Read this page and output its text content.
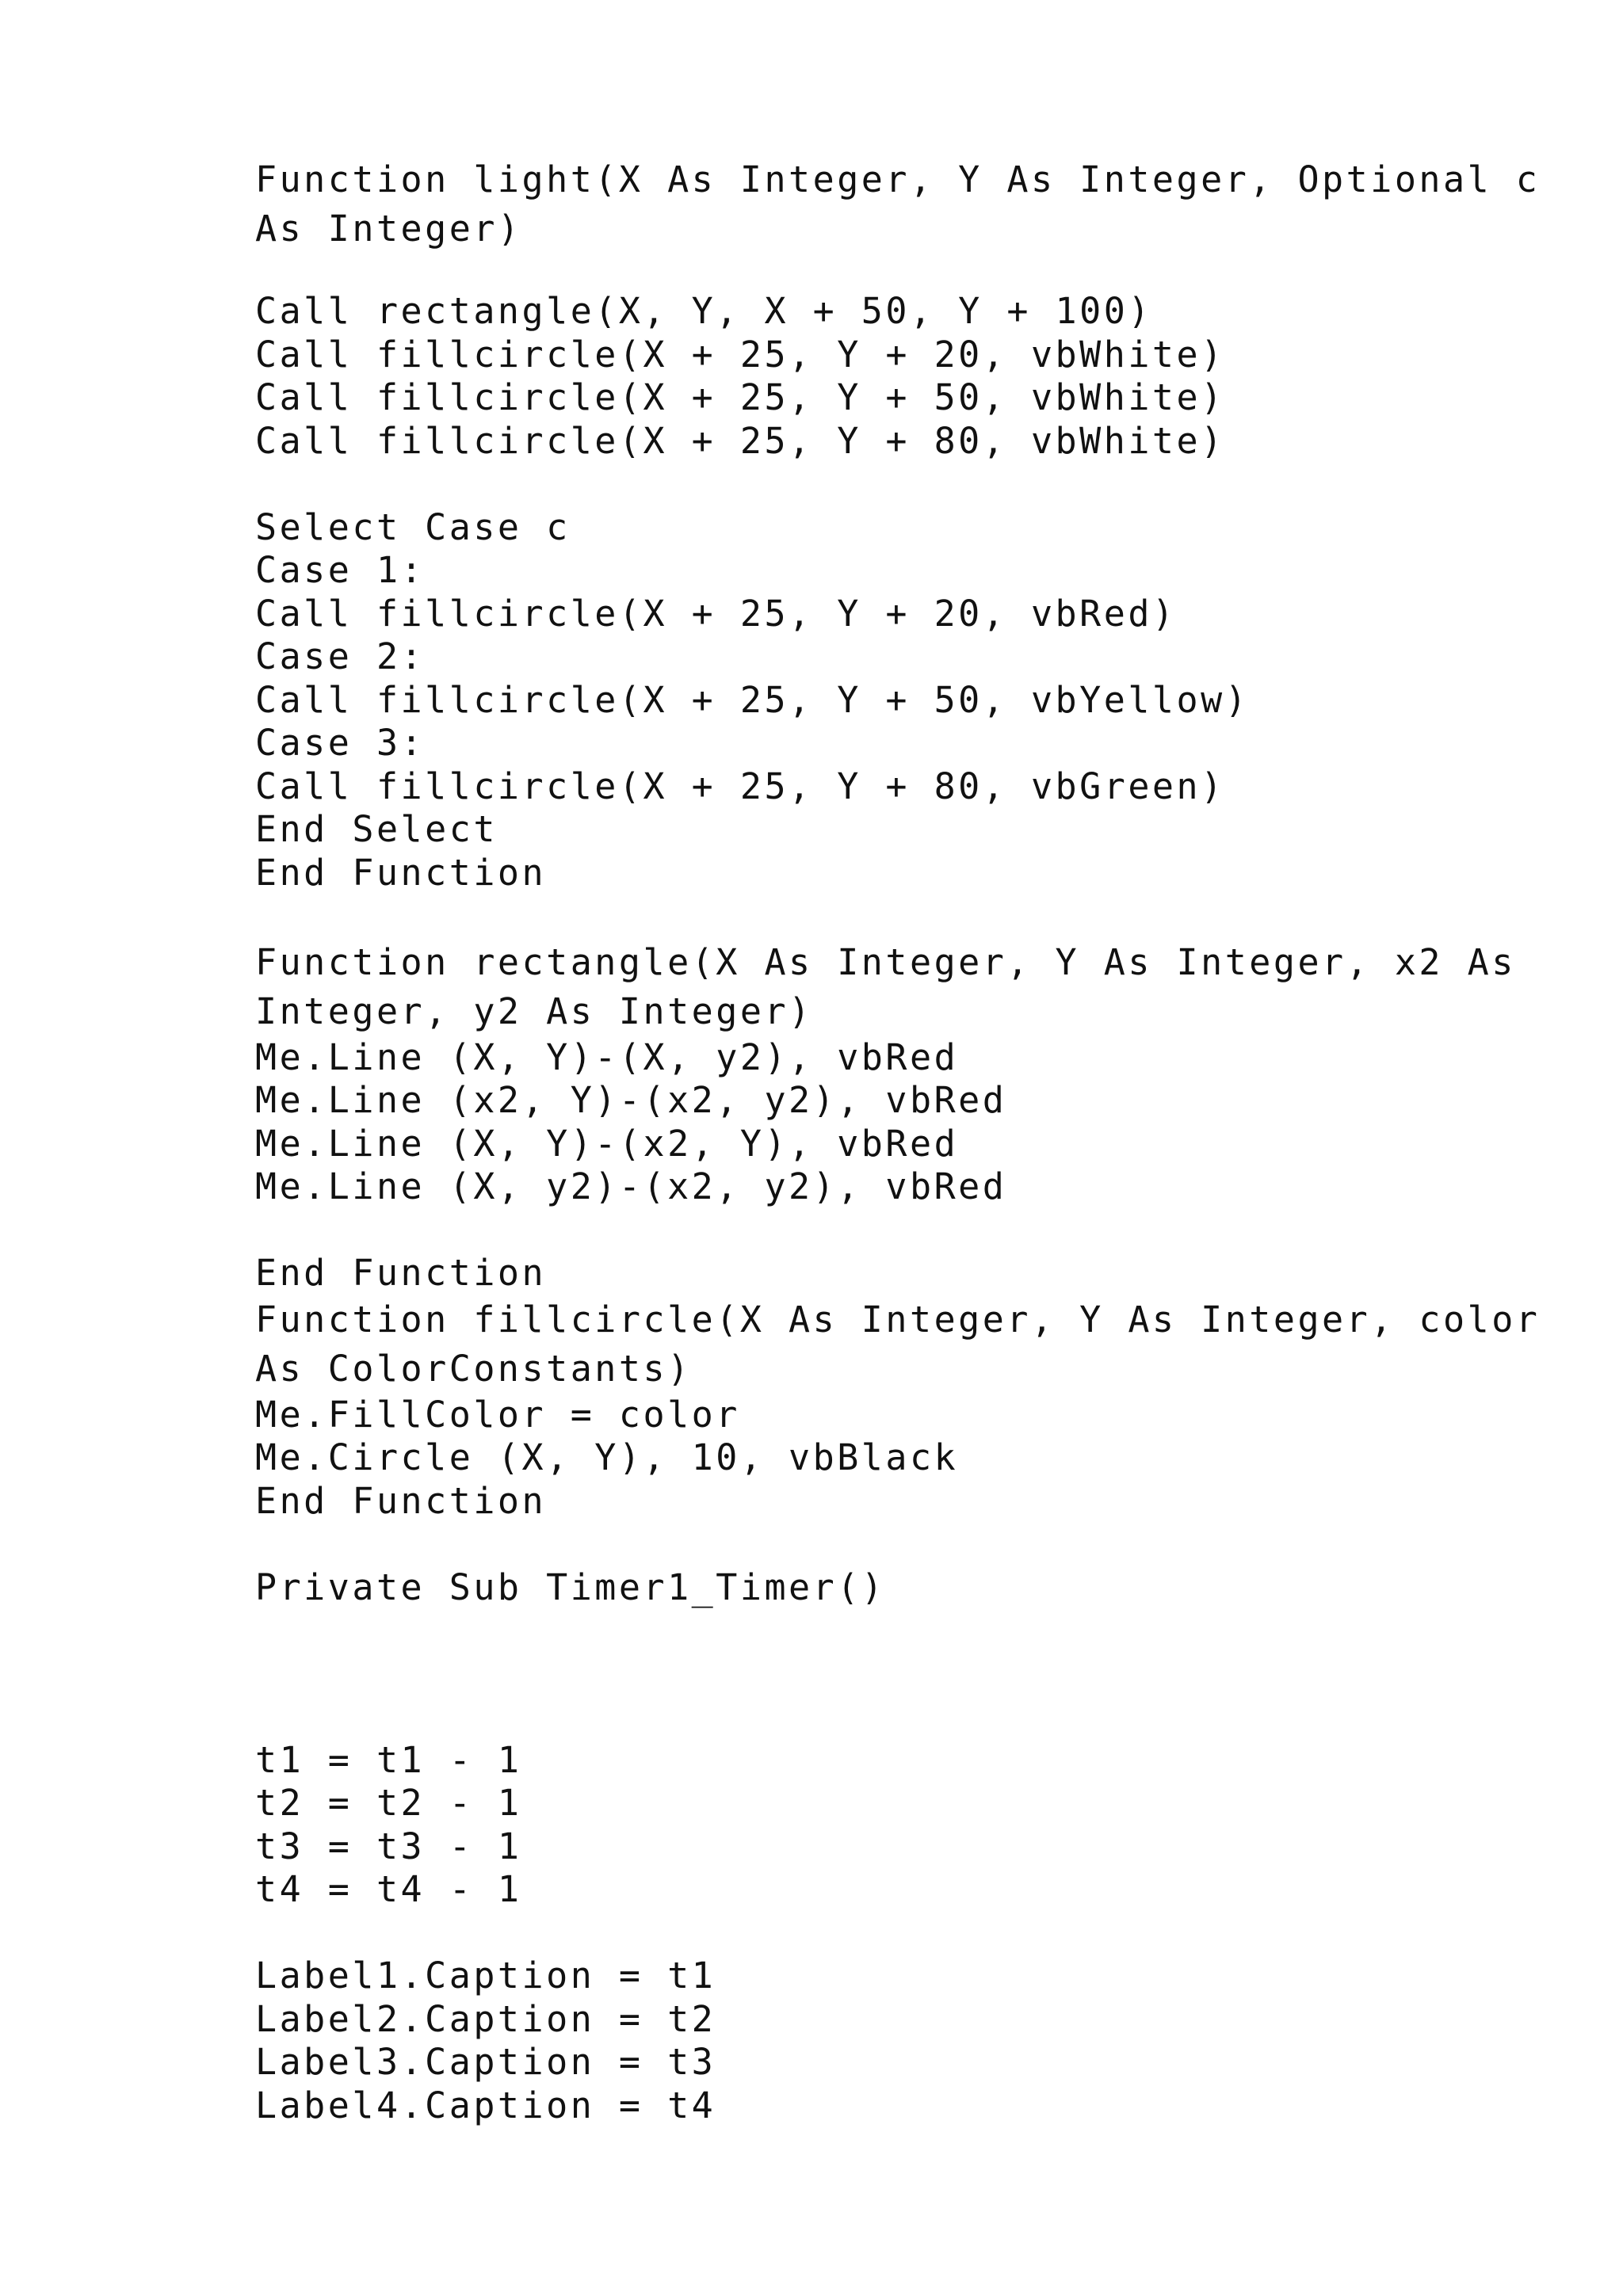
Function light(X As Integer, Y As Integer, Optional c
As Integer)
Call rectangle(X, Y, X + 50, Y + 100)
Call fillcircle(X + 25, Y + 20, vbWhite)
Call fillcircle(X + 25, Y + 50, vbWhite)
Call fillcircle(X + 25, Y + 80, vbWhite)
Select Case c
Case 1:
Call fillcircle(X + 25, Y + 20, vbRed)
Case 2:
Call fillcircle(X + 25, Y + 50, vbYellow)
Case 3:
Call fillcircle(X + 25, Y + 80, vbGreen)
End Select
End Function
Function rectangle(X As Integer, Y As Integer, x2 As
Integer, y2 As Integer)
Me.Line (X, Y)-(X, y2), vbRed
Me.Line (x2, Y)-(x2, y2), vbRed
Me.Line (X, Y)-(x2, Y), vbRed
Me.Line (X, y2)-(x2, y2), vbRed
End Function
Function fillcircle(X As Integer, Y As Integer, color
As ColorConstants)
Me.FillColor = color
Me.Circle (X, Y), 10, vbBlack
End Function
Private Sub Timer1_Timer()
t1 = t1 - 1
t2 = t2 - 1
t3 = t3 - 1
t4 = t4 - 1
Label1.Caption = t1
Label2.Caption = t2
Label3.Caption = t3
Label4.Caption = t4
